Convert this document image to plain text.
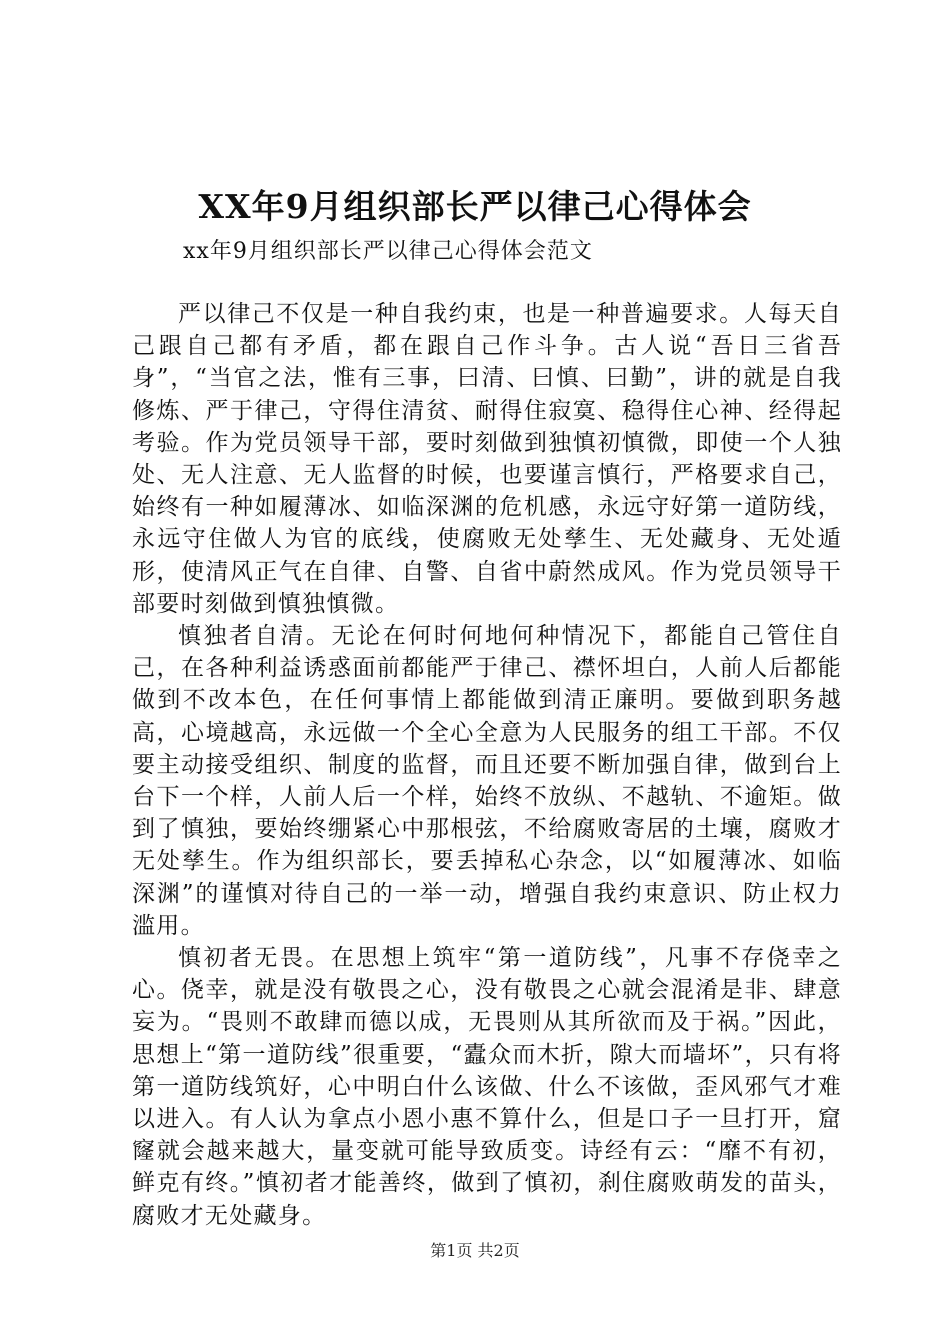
XX年9月组织部长严以律己心得体会

xx年9月组织部长严以律己心得体会范文

严以律己不仅是一种自我约束，也是一种普遍要求。人每天自己跟自己都有矛盾，都在跟自己作斗争。古人说“吾日三省吾身”，“当官之法，惟有三事，曰清、曰慎、曰勤”，讲的就是自我修炼、严于律己，守得住清贫、耐得住寂寞、稳得住心神、经得起考验。作为党员领导干部，要时刻做到独慎初慎微，即使一个人独处、无人注意、无人监督的时候，也要谨言慎行，严格要求自己，始终有一种如履薄冰、如临深渊的危机感，永远守好第一道防线，永远守住做人为官的底线，使腐败无处孳生、无处藏身、无处遁形，使清风正气在自律、自警、自省中蔚然成风。作为党员领导干部要时刻做到慎独慎微。

慎独者自清。无论在何时何地何种情况下，都能自己管住自己，在各种利益诱惑面前都能严于律己、襟怀坦白，人前人后都能做到不改本色，在任何事情上都能做到清正廉明。要做到职务越高，心境越高，永远做一个全心全意为人民服务的组工干部。不仅要主动接受组织、制度的监督，而且还要不断加强自律，做到台上台下一个样，人前人后一个样，始终不放纵、不越轨、不逾矩。做到了慎独，要始终绷紧心中那根弦，不给腐败寄居的土壤，腐败才无处孳生。作为组织部长，要丢掉私心杂念，以“如履薄冰、如临深渊”的谨慎对待自己的一举一动，增强自我约束意识、防止权力滥用。

慎初者无畏。在思想上筑牢“第一道防线”，凡事不存侥幸之心。侥幸，就是没有敬畏之心，没有敬畏之心就会混淆是非、肆意妄为。“畏则不敢肆而德以成，无畏则从其所欲而及于祸。”因此，思想上“第一道防线”很重要，“蠹众而木折，隙大而墙坏”，只有将第一道防线筑好，心中明白什么该做、什么不该做，歪风邪气才难以进入。有人认为拿点小恩小惠不算什么，但是口子一旦打开，窟窿就会越来越大，量变就可能导致质变。诗经有云：“靡不有初，鲜克有终。”慎初者才能善终，做到了慎初，刹住腐败萌发的苗头，腐败才无处藏身。

第1页 共2页
